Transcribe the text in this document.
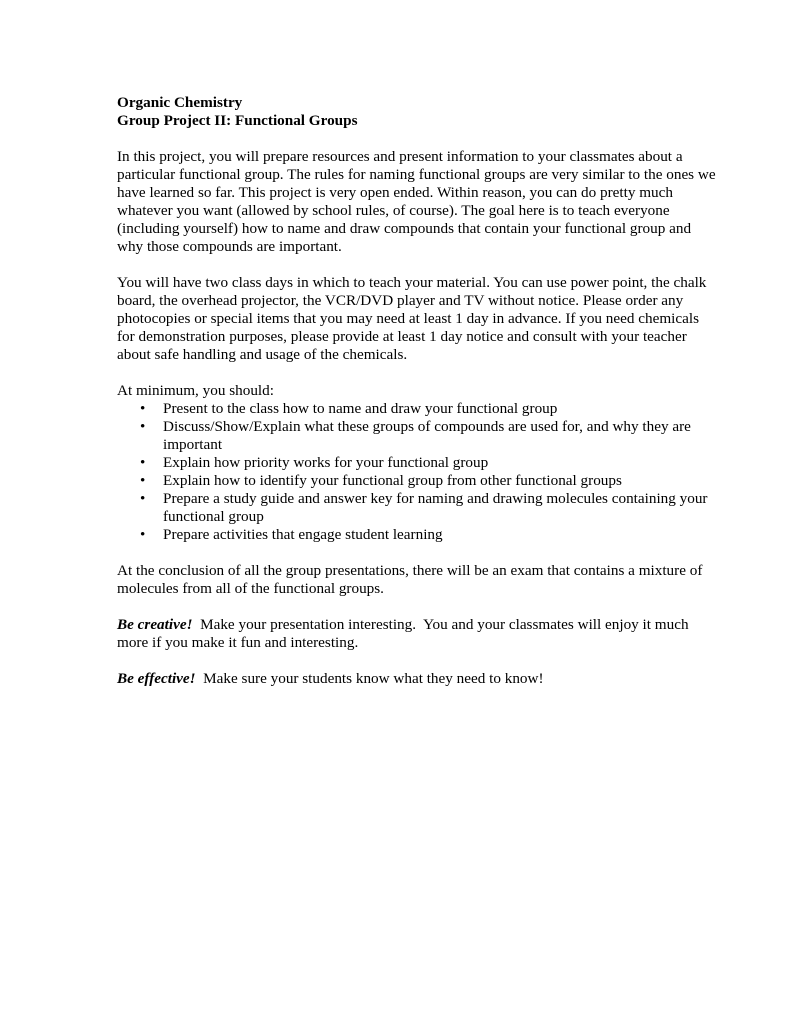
Organic Chemistry

Group Project II: Functional Groups

In this project, you will prepare resources and present information to your classmates about a particular functional group. The rules for naming functional groups are very similar to the ones we have learned so far. This project is very open ended. Within reason, you can do pretty much whatever you want (allowed by school rules, of course). The goal here is to teach everyone (including yourself) how to name and draw compounds that contain your functional group and why those compounds are important.

You will have two class days in which to teach your material. You can use power point, the chalk board, the overhead projector, the VCR/DVD player and TV without notice. Please order any photocopies or special items that you may need at least 1 day in advance. If you need chemicals for demonstration purposes, please provide at least 1 day notice and consult with your teacher about safe handling and usage of the chemicals.

At minimum, you should:

• Present to the class how to name and draw your functional group
• Discuss/Show/Explain what these groups of compounds are used for, and why they are important
• Explain how priority works for your functional group
• Explain how to identify your functional group from other functional groups
• Prepare a study guide and answer key for naming and drawing molecules containing your functional group
• Prepare activities that engage student learning

At the conclusion of all the group presentations, there will be an exam that contains a mixture of molecules from all of the functional groups.

Be creative!  Make your presentation interesting.  You and your classmates will enjoy it much more if you make it fun and interesting.

Be effective!  Make sure your students know what they need to know!
